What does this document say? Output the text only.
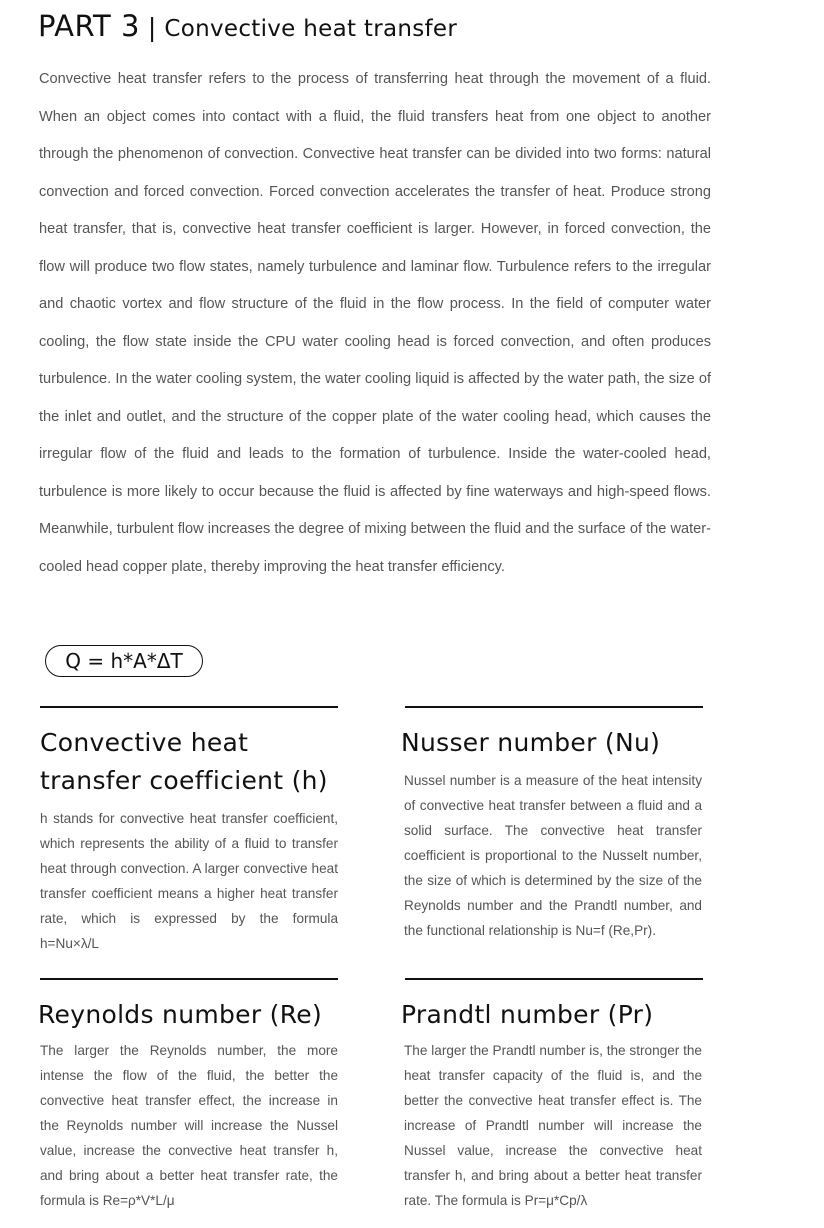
PART 3 | Convective heat transfer

Convective heat transfer refers to the process of transferring heat through the movement of a fluid. When an object comes into contact with a fluid, the fluid transfers heat from one object to another through the phenomenon of convection. Convective heat transfer can be divided into two forms: natural convection and forced convection. Forced convection accelerates the transfer of heat. Produce strong heat transfer, that is, convective heat transfer coefficient is larger. However, in forced convection, the flow will produce two flow states, namely turbulence and laminar flow. Turbulence refers to the irregular and chaotic vortex and flow structure of the fluid in the flow process. In the field of computer water cooling, the flow state inside the CPU water cooling head is forced convection, and often produces turbulence. In the water cooling system, the water cooling liquid is affected by the water path, the size of the inlet and outlet, and the structure of the copper plate of the water cooling head, which causes the irregular flow of the fluid and leads to the formation of turbulence. Inside the water-cooled head, turbulence is more likely to occur because the fluid is affected by fine waterways and high-speed flows. Meanwhile, turbulent flow increases the degree of mixing between the fluid and the surface of the water-cooled head copper plate, thereby improving the heat transfer efficiency.

Q = h*A*ΔT
Convective heat transfer coefficient (h)

h stands for convective heat transfer coefficient, which represents the ability of a fluid to transfer heat through convection. A larger convective heat transfer coefficient means a higher heat transfer rate, which is expressed by the formula h=Nu×λ/L

Nusser number (Nu)

Nussel number is a measure of the heat intensity of convective heat transfer between a fluid and a solid surface. The convective heat transfer coefficient is proportional to the Nusselt number, the size of which is determined by the size of the Reynolds number and the Prandtl number, and the functional relationship is Nu=f (Re,Pr).

Reynolds number (Re)

The larger the Reynolds number, the more intense the flow of the fluid, the better the convective heat transfer effect, the increase in the Reynolds number will increase the Nussel value, increase the convective heat transfer h, and bring about a better heat transfer rate, the formula is Re=ρ*V*L/μ

Prandtl number (Pr)

The larger the Prandtl number is, the stronger the heat transfer capacity of the fluid is, and the better the convective heat transfer effect is. The increase of Prandtl number will increase the Nussel value, increase the convective heat transfer h, and bring about a better heat transfer rate. The formula is Pr=μ*Cp/λ
